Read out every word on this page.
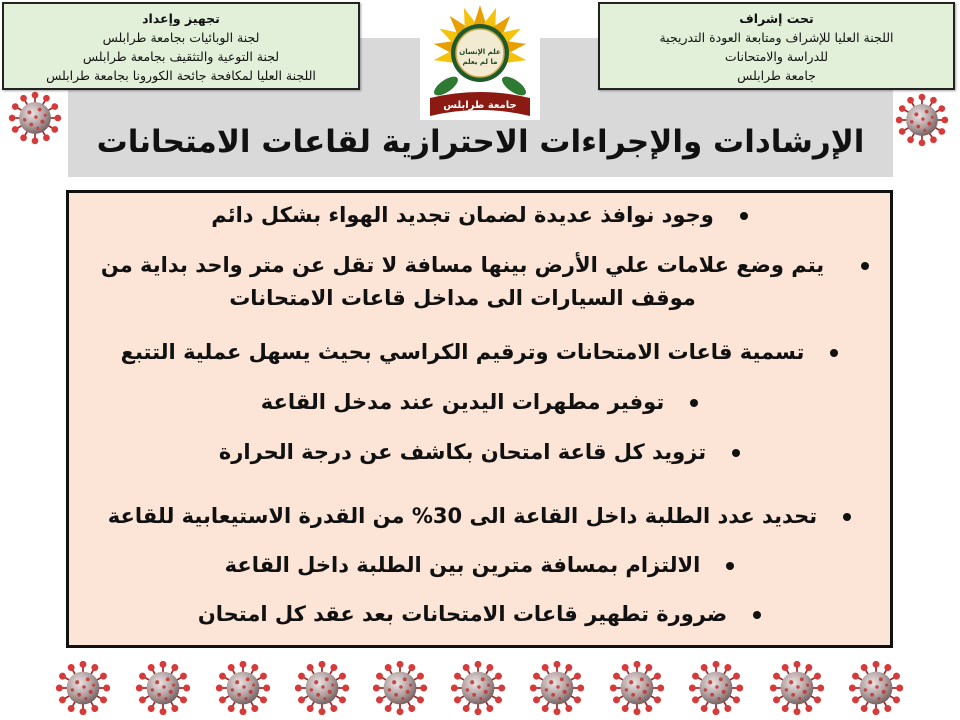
الإرشادات والإجراءات الاحترازية لقاعات الامتحانات
تجهيز وإعداد
لجنة الوبائيات بجامعة طرابلس
لجنة التوعية والتثقيف بجامعة طرابلس
اللجنة العليا لمكافحة جائحة الكورونا بجامعة طرابلس
تحت إشراف
اللجنة العليا للإشراف ومتابعة العودة التدريجية
للدراسة والامتحانات
جامعة طرابلس
علم الإنسان
ما لم يعلم
جامعة طرابلس
وجود نوافذ عديدة لضمان تجديد الهواء بشكل دائم
يتم وضع علامات علي الأرض بينها مسافة لا تقل عن متر واحد بداية من موقف السيارات الى مداخل قاعات الامتحانات
تسمية قاعات الامتحانات وترقيم الكراسي بحيث يسهل عملية التتبع
توفير مطهرات اليدين عند مدخل القاعة
تزويد كل قاعة امتحان بكاشف عن درجة الحرارة
تحديد عدد الطلبة داخل القاعة الى 30% من القدرة الاستيعابية للقاعة
الالتزام بمسافة مترين بين الطلبة داخل القاعة
ضرورة تطهير قاعات الامتحانات بعد عقد كل امتحان
